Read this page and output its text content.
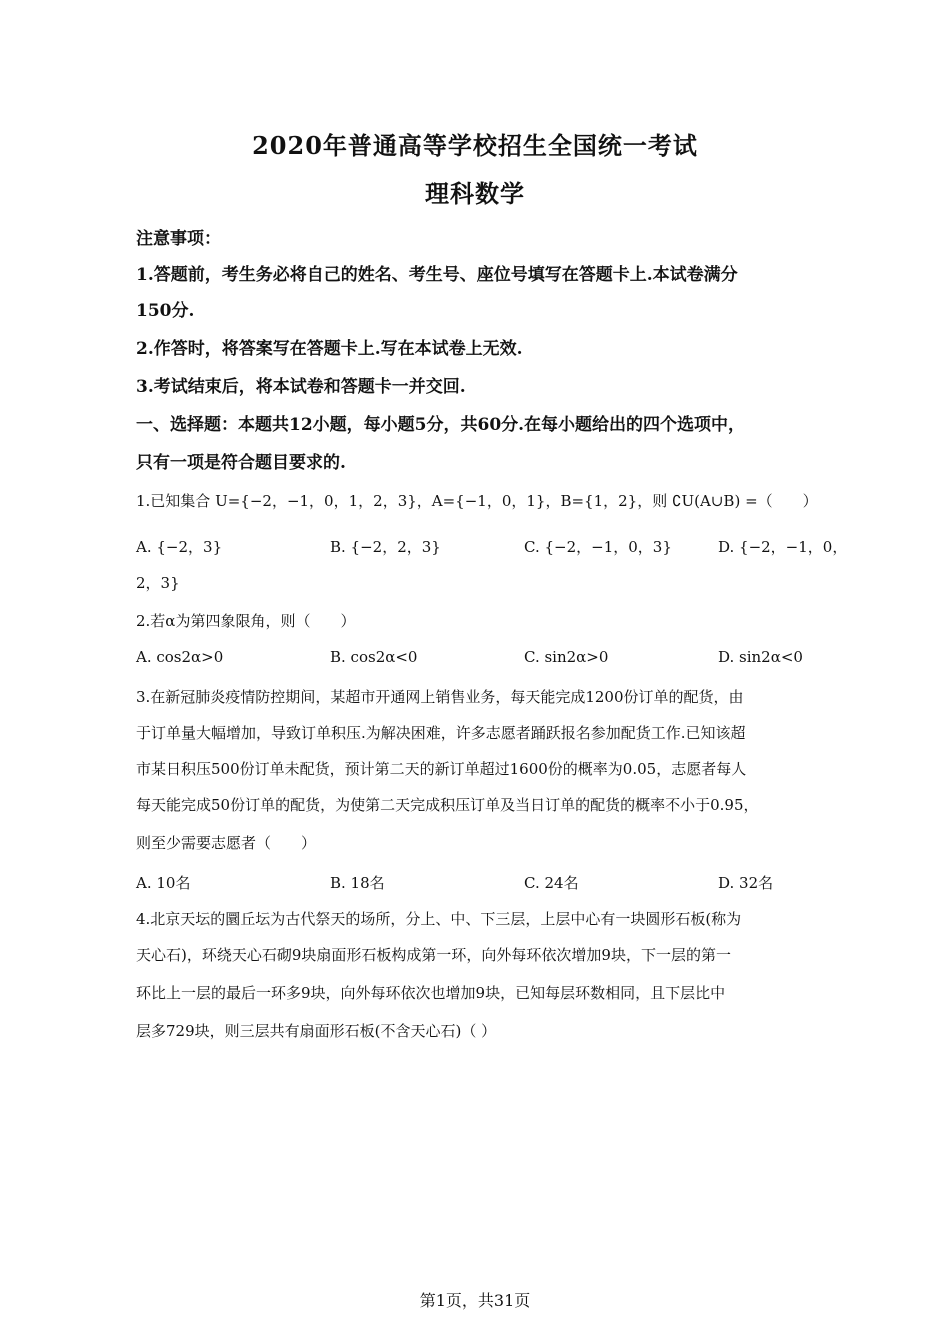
2020年普通高等学校招生全国统一考试
理科数学
注意事项：
1.答题前，考生务必将自己的姓名、考生号、座位号填写在答题卡上.本试卷满分
150分.
2.作答时，将答案写在答题卡上.写在本试卷上无效.
3.考试结束后，将本试卷和答题卡一并交回.
一、选择题：本题共12小题，每小题5分，共60分.在每小题给出的四个选项中，
只有一项是符合题目要求的.
1.已知集合 U={−2，−1，0，1，2，3}，A={−1，0，1}，B={1，2}，则 ∁U(A∪B) =（　　）
A. {−2，3}	B. {−2，2，3}	C. {−2，−1，0，3}	D. {−2，−1，0，
2，3}
2.若α为第四象限角，则（　　）
A. cos2α>0	B. cos2α<0	C. sin2α>0	D. sin2α<0
3.在新冠肺炎疫情防控期间，某超市开通网上销售业务，每天能完成1200份订单的配货，由
于订单量大幅增加，导致订单积压.为解决困难，许多志愿者踊跃报名参加配货工作.已知该超
市某日积压500份订单未配货，预计第二天的新订单超过1600份的概率为0.05，志愿者每人
每天能完成50份订单的配货，为使第二天完成积压订单及当日订单的配货的概率不小于0.95，
则至少需要志愿者（　　）
A. 10名	B. 18名	C. 24名	D. 32名
4.北京天坛的圜丘坛为古代祭天的场所，分上、中、下三层，上层中心有一块圆形石板(称为
天心石)，环绕天心石砌9块扇面形石板构成第一环，向外每环依次增加9块，下一层的第一
环比上一层的最后一环多9块，向外每环依次也增加9块，已知每层环数相同，且下层比中
层多729块，则三层共有扇面形石板(不含天心石)（ ）
第1页，共31页
